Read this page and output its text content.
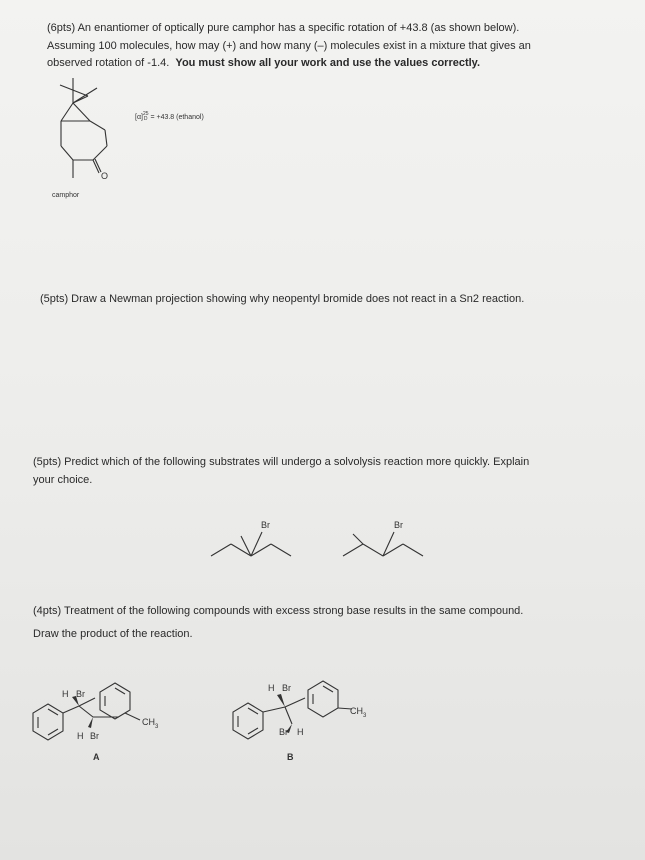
(6pts) An enantiomer of optically pure camphor has a specific rotation of +43.8 (as shown below).
Assuming 100 molecules, how may (+) and how many (–) molecules exist in a mixture that gives an
observed rotation of -1.4. You must show all your work and use the values correctly.
O
camphor
[α]25
D = +43.8 (ethanol)
(5pts) Draw a Newman projection showing why neopentyl bromide does not react in a Sn2 reaction.
(5pts) Predict which of the following substrates will undergo a solvolysis reaction more quickly. Explain
your choice.
Br	Br
(4pts) Treatment of the following compounds with excess strong base results in the same compound.
Draw the product of the reaction.
H Br
$CH_3$
H Br
A
H Br
$CH_3$
Br H
B
